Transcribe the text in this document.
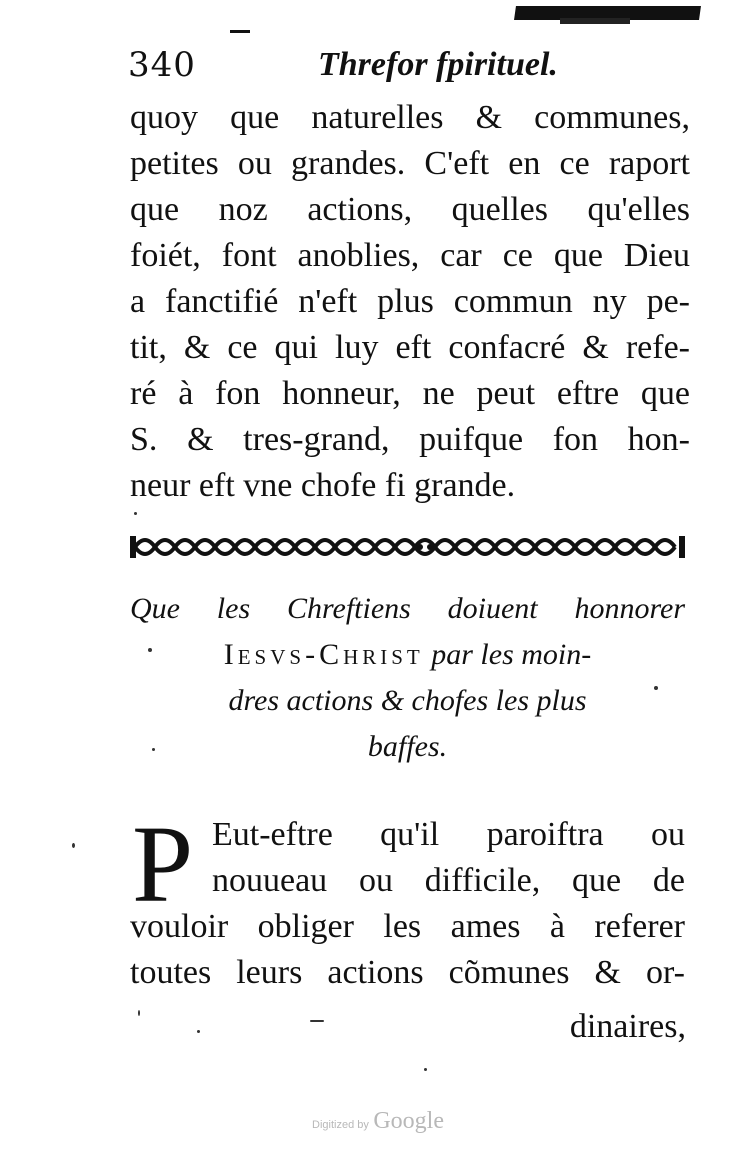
340	Threfor fpirituel.
quoy que naturelles & communes,
petites ou grandes. C'eft en ce raport
que noz actions, quelles qu'elles
foiét, font anoblies, car ce que Dieu
a fanctifié n'eft plus commun ny pe-
tit, & ce qui luy eft confacré & refe-
ré à fon honneur, ne peut eftre que
S. & tres-grand, puifque fon hon-
neur eft vne chofe fi grande.
Que les Chreftiens doiuent honnorer
Iesvs-Christ par les moin-
dres actions & chofes les plus
baffes.
P Eut-eftre qu'il paroiftra ou
nouueau ou difficile, que de
vouloir obliger les ames à referer
toutes leurs actions cõmunes & or-
dinaires,
Digitized by Google
